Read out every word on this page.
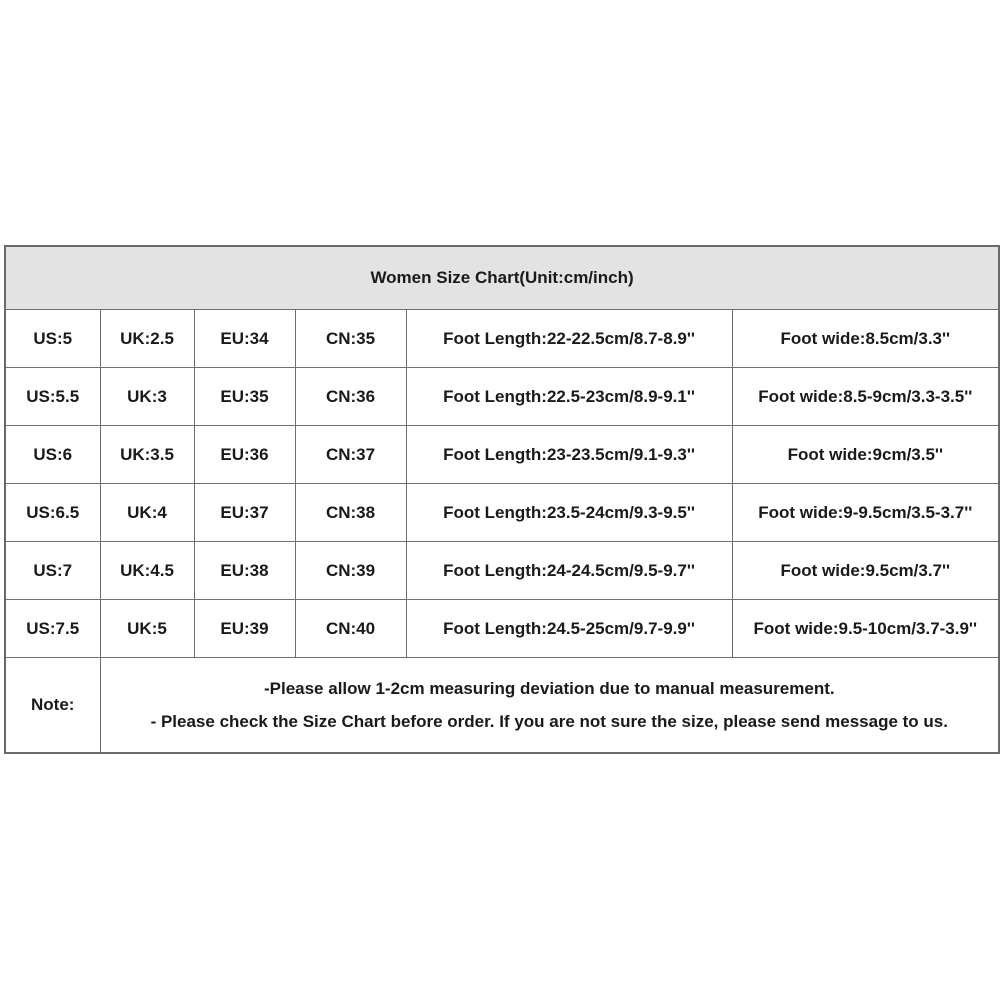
Women Size Chart(Unit:cm/inch)					
US:5	UK:2.5	EU:34	CN:35	Foot Length:22-22.5cm/8.7-8.9''	Foot wide:8.5cm/3.3''
US:5.5	UK:3	EU:35	CN:36	Foot Length:22.5-23cm/8.9-9.1''	Foot wide:8.5-9cm/3.3-3.5''
US:6	UK:3.5	EU:36	CN:37	Foot Length:23-23.5cm/9.1-9.3''	Foot wide:9cm/3.5''
US:6.5	UK:4	EU:37	CN:38	Foot Length:23.5-24cm/9.3-9.5''	Foot wide:9-9.5cm/3.5-3.7''
US:7	UK:4.5	EU:38	CN:39	Foot Length:24-24.5cm/9.5-9.7''	Foot wide:9.5cm/3.7''
US:7.5	UK:5	EU:39	CN:40	Foot Length:24.5-25cm/9.7-9.9''	Foot wide:9.5-10cm/3.7-3.9''
Note:	-Please allow 1-2cm measuring deviation due to manual measurement.
- Please check the Size Chart before order. If you are not sure the size, please send message to us.				
